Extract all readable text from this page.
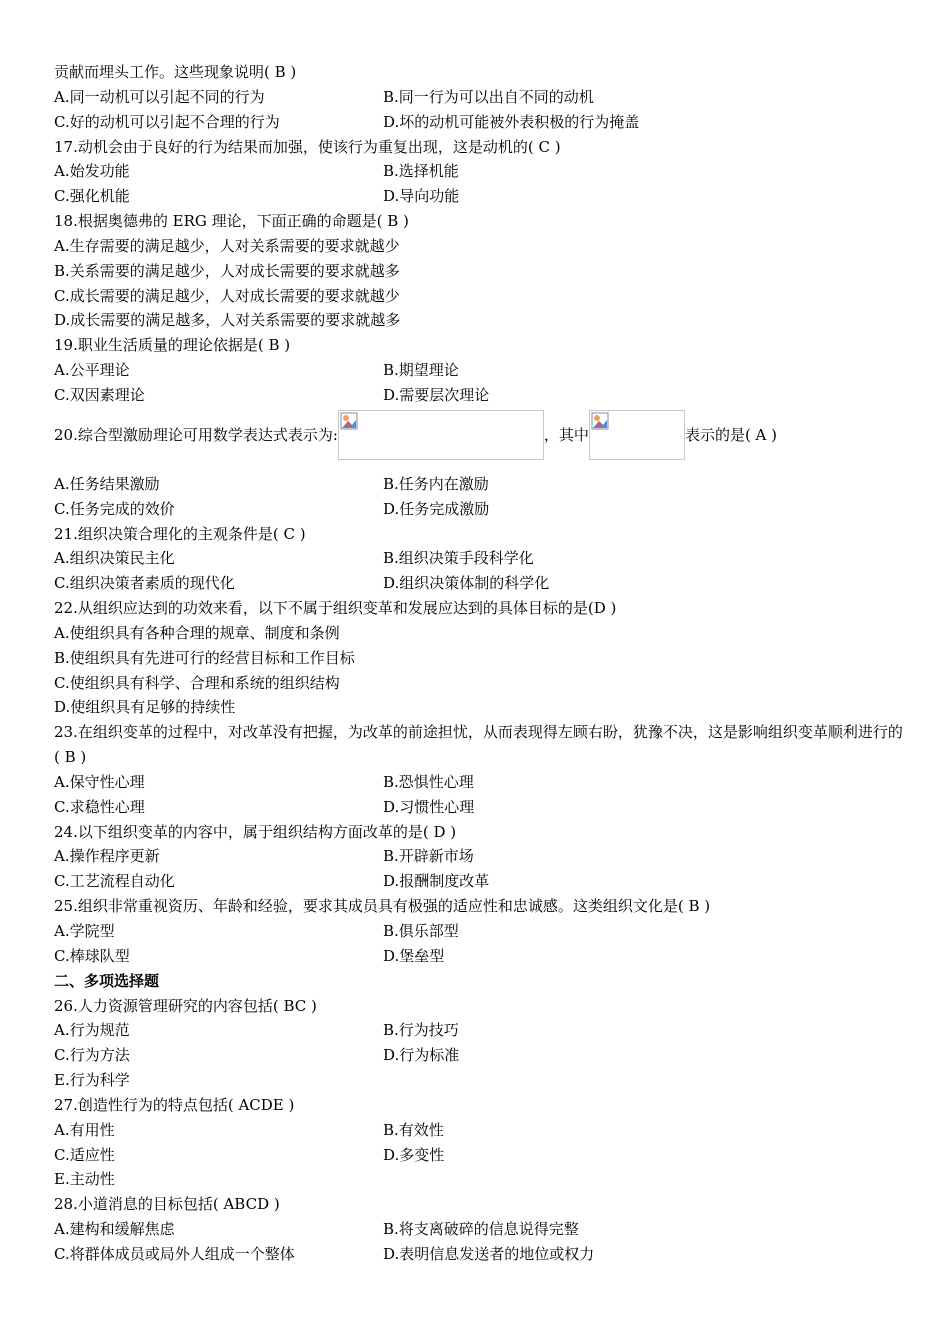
贡献而埋头工作。这些现象说明( B )
A.同一动机可以引起不同的行为	B.同一行为可以出自不同的动机
C.好的动机可以引起不合理的行为	D.坏的动机可能被外表积极的行为掩盖
17.动机会由于良好的行为结果而加强，使该行为重复出现，这是动机的( C )
A.始发功能	B.选择机能
C.强化机能	D.导向功能
18.根据奥德弗的 ERG 理论，下面正确的命题是( B )
A.生存需要的满足越少，人对关系需要的要求就越少
B.关系需要的满足越少，人对成长需要的要求就越多
C.成长需要的满足越少，人对成长需要的要求就越少
D.成长需要的满足越多，人对关系需要的要求就越多
19.职业生活质量的理论依据是( B )
A.公平理论	B.期望理论
C.双因素理论	D.需要层次理论
20.综合型激励理论可用数学表达式表示为:	，其中	表示的是( A )
A.任务结果激励	B.任务内在激励
C.任务完成的效价	D.任务完成激励
21.组织决策合理化的主观条件是( C )
A.组织决策民主化	B.组织决策手段科学化
C.组织决策者素质的现代化	D.组织决策体制的科学化
22.从组织应达到的功效来看，以下不属于组织变革和发展应达到的具体目标的是(D )
A.使组织具有各种合理的规章、制度和条例
B.使组织具有先进可行的经营目标和工作目标
C.使组织具有科学、合理和系统的组织结构
D.使组织具有足够的持续性
23.在组织变革的过程中，对改革没有把握，为改革的前途担忧，从而表现得左顾右盼，犹豫不决，这是影响组织变革顺利进行的( B )
A.保守性心理	B.恐惧性心理
C.求稳性心理	D.习惯性心理
24.以下组织变革的内容中，属于组织结构方面改革的是( D )
A.操作程序更新	B.开辟新市场
C.工艺流程自动化	D.报酬制度改革
25.组织非常重视资历、年龄和经验，要求其成员具有极强的适应性和忠诚感。这类组织文化是( B )
A.学院型	B.俱乐部型
C.棒球队型	D.堡垒型
二、多项选择题
26.人力资源管理研究的内容包括( BC )
A.行为规范	B.行为技巧
C.行为方法	D.行为标准
E.行为科学
27.创造性行为的特点包括( ACDE )
A.有用性	B.有效性
C.适应性	D.多变性
E.主动性
28.小道消息的目标包括( ABCD )
A.建构和缓解焦虑	B.将支离破碎的信息说得完整
C.将群体成员或局外人组成一个整体	D.表明信息发送者的地位或权力
